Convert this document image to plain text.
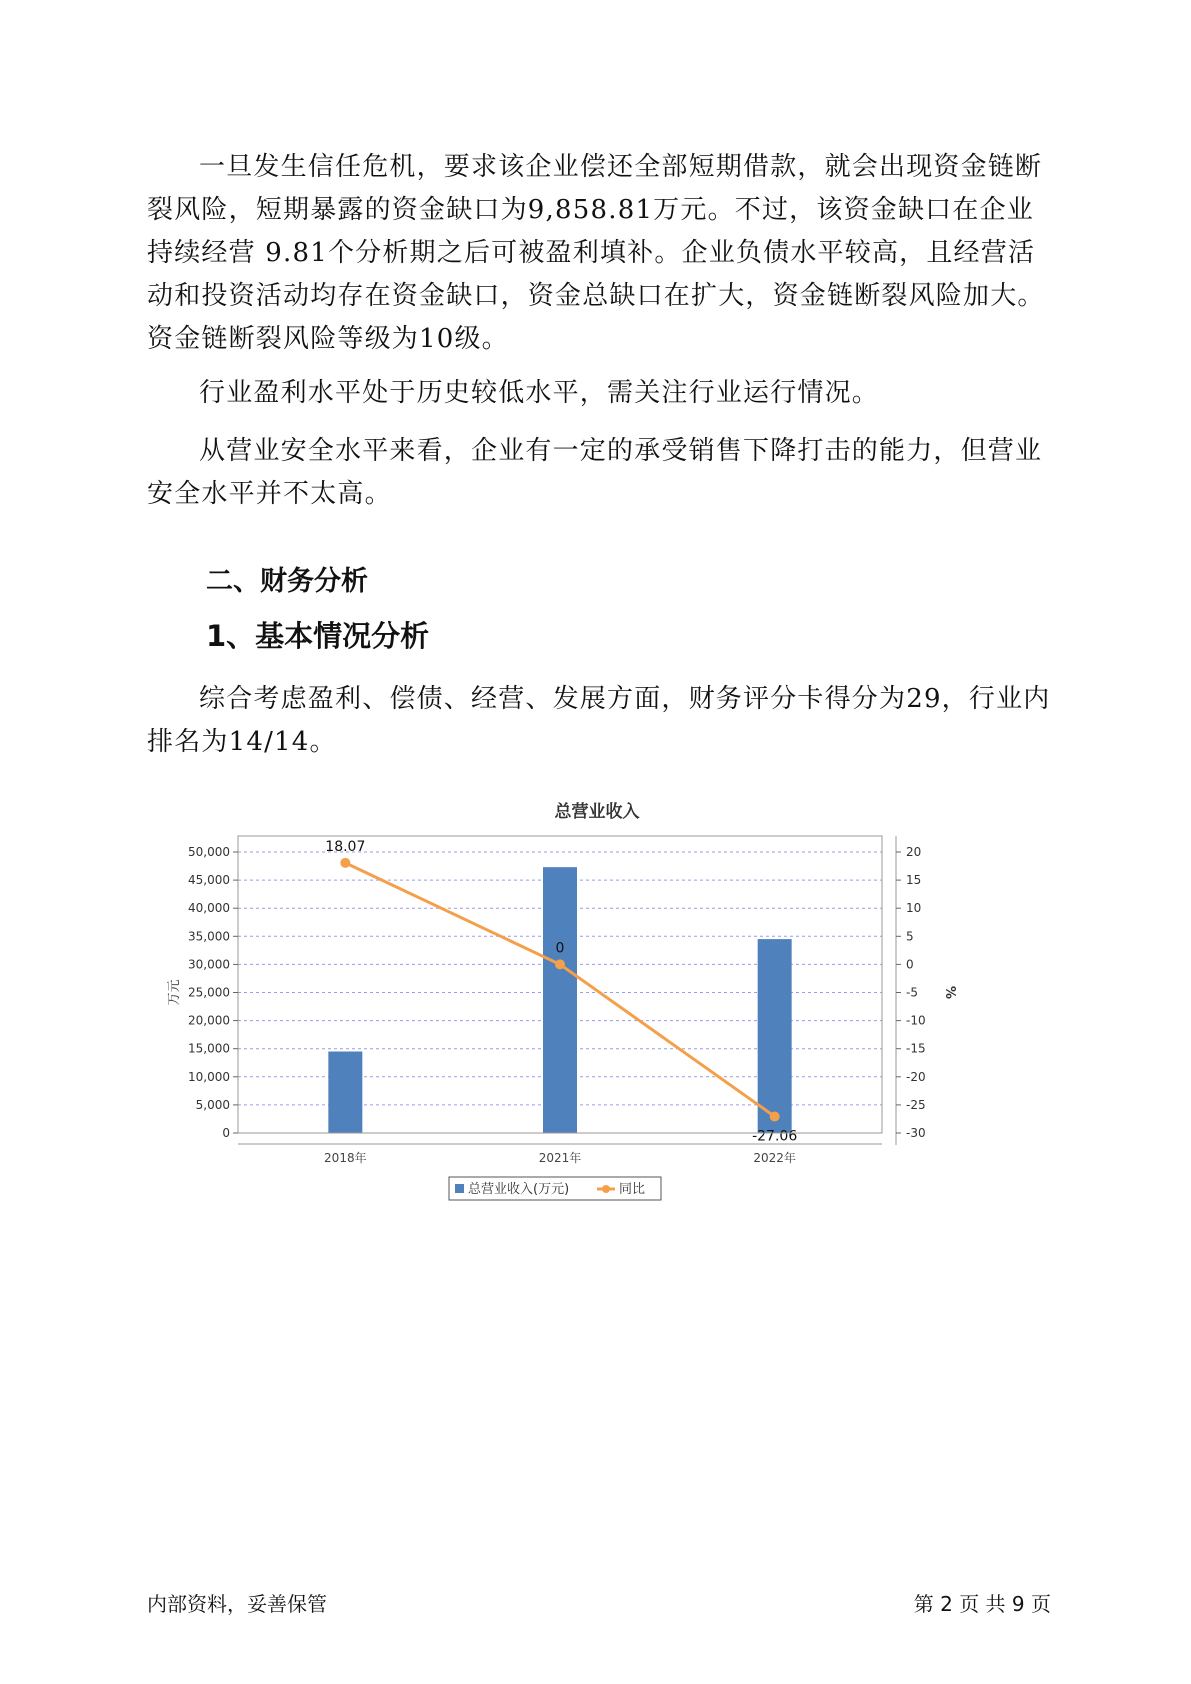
一旦发生信任危机，要求该企业偿还全部短期借款，就会出现资金链断裂风险，短期暴露的资金缺口为9,858.81万元。不过，该资金缺口在企业持续经营 9.81个分析期之后可被盈利填补。企业负债水平较高，且经营活动和投资活动均存在资金缺口，资金总缺口在扩大，资金链断裂风险加大。资金链断裂风险等级为10级。

行业盈利水平处于历史较低水平，需关注行业运行情况。

从营业安全水平来看，企业有一定的承受销售下降打击的能力，但营业安全水平并不太高。

二、财务分析
1、基本情况分析

综合考虑盈利、偿债、经营、发展方面，财务评分卡得分为29，行业内排名为14/14。

总营业收入
18.07
0
-27.06
0
5,000
10,000
15,000
20,000
25,000
30,000
35,000
40,000
45,000
50,000	20
15
10
5
0
-5
-10
-15
-20
-25
-30
万元	%
2018年	2021年	2022年
总营业收入(万元)	同比
内部资料，妥善保管	第 2 页 共 9 页
